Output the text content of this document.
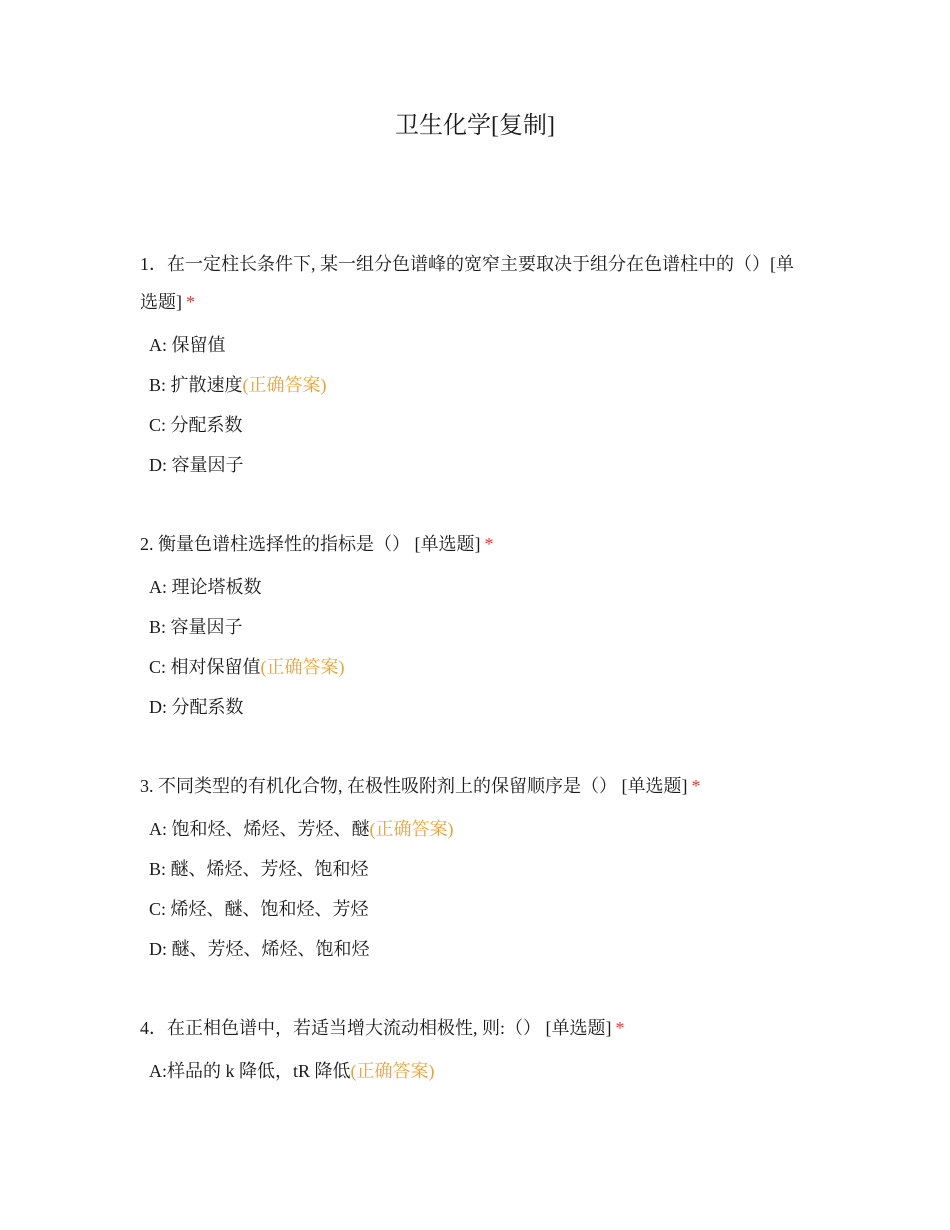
卫生化学[复制]

1．在一定柱长条件下, 某一组分色谱峰的宽窄主要取决于组分在色谱柱中的（）[单选题] *

A: 保留值
B: 扩散速度(正确答案)
C: 分配系数
D: 容量因子

2. 衡量色谱柱选择性的指标是（） [单选题] *

A: 理论塔板数
B: 容量因子
C: 相对保留值(正确答案)
D: 分配系数

3. 不同类型的有机化合物, 在极性吸附剂上的保留顺序是（） [单选题] *

A: 饱和烃、烯烃、芳烃、醚(正确答案)
B: 醚、烯烃、芳烃、饱和烃
C: 烯烃、醚、饱和烃、芳烃
D: 醚、芳烃、烯烃、饱和烃

4．在正相色谱中，若适当增大流动相极性, 则:（） [单选题] *

A:样品的 k 降低，tR 降低(正确答案)
